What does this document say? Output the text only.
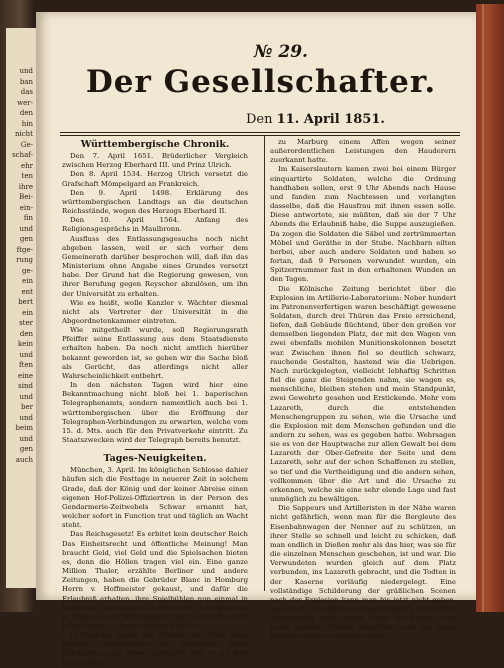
und
ban
das
wer-
den
hin
nicht
Ge-
schaf-
ehr
ten
ihre
Bei-
ein-
fin
und
gen
ftge-
rung
ge-
ein
ent
bert
ein
ster
den
kein
und
ften
eine
sind
und
ber
und
beim
und
gen
auch
№ 29.
Der Gesellschafter.
Den 11. April 1851.

Württembergische Chronik.

Den 7. April 1651. Brüderlicher Vergleich zwischen Herzog Eberhard III. und Prinz Ulrich.

Den 8. April 1534. Herzog Ulrich versetzt die Grafschaft Mömpelgard an Frankreich.

Den 9. April 1498. Erklärung des württembergischen Landtags an die deutschen Reichsstände, wegen des Herzogs Eberhard II.

Den 10. April 1564. Anfang des Religionsgesprächs in Maulbronn.

Ausfluss des Entlassungsgesuchs noch nicht abgeben lassen, weil er sich vorher dem Gemeinerath darüber besprochen will, daß ihn das Ministerium ohne Angabe eines Grundes versetzt habe. Der Grund hat die Regierung gewesen, von ihrer Berufung gegen Reyscher abzulösen, um ihn der Universität zu erhalten.

Wie es heißt, wolle Kanzler v. Wächter diesmal nicht als Vertreter der Universität in die Abgeordnetenkammer eintreten.

Wie mitgetheilt wurde, soll Regierungsrath Pfeiffer seine Entlassung aus dem Staatsdienste erhalten haben. Da noch nicht amtlich hierüber bekannt geworden ist, so geben wir die Sache bloß als Gerücht, das allerdings nicht aller Wahrscheinlichkeit entbehrt.

In den nächsten Tagen wird hier eine Bekanntmachung nicht bloß bei 1. baperischen Telegraphenamts, sondern namentlich auch bei 1. württembergischen über die Eröffnung der Telegraphen-Verbindungen zu erwarten, welche vom 15. d. Mts. auch für den Privatverkehr eintritt. Zu Staatszwecken wird der Telegraph bereits benutzt.

Tages-Neuigkeiten.

München, 3. April. Im königlichen Schlosse dahier häufen sich die Festtage in neuerer Zeit in solchem Grade, daß der König und der keiner Abreise einen eigenen Hof-Polizei-Offiziertren in der Person des Gendarmerie-Zeitwebels Schwar ernannt hat, welcher sofort in Function trat und täglich an Wacht steht.

Das Reichsgesetz! Es erbitet kein deutscher Reich Das Einheitsrecht und öffentliche Meinung! Man braucht Geld, viel Geld und die Spielsachen bieten es, denn die Höllen tragen viel ein. Eine ganze Million Thaler, erzählte Berliner und andere Zeitungen, haben die Gebrüder Blanc in Homburg Herrn v. Hoffmeister gekaust, und dafür die Erlaubniß erhalten, ihre Spielbühlen nun einmal in Kurhessen aufzubauen, im Nenndorf, in Hofgeismar, in Nauheim und Wilhelmsbad. Der Pacht soll auf 30 Jahre lauten, — wenn wirklich wahr ist.

In Marburg wurde ein Student, der Sohn eines höheren Staatsdieners in Kurhessen durch Gendarmen nach Kassel gebracht, weil er auf dem Jahrmarkte

zu Marburg einem Affen wegen seiner außerordentlichen Leistungen den Hauderern zuerkannt hatte.

Im Kaiserslautern kamen zwei bei einem Bürger einquartirte Soldaten, welche die Ordnung handhaben sollen, erst 9 Uhr Abends nach Hause und fanden zum Nachtessen und verlangten dasselbe, daß die Hausfrau mit ihnen essen solle. Diese antwortete, sie müßten, daß sie der 7 Uhr Abends die Erlaubniß habe, die Suppe auszugießen. Da zogen die Soldaten die Säbel und zertrümmerten Möbel und Geräthe in der Stube. Nachbarn eilten herbei, aber auch andere Soldaten und haben so fortan, daß 9 Personen verwundet wurden, ein Spitzerrnummer fast in den erhaltenen Wunden an den Tagen.

Die Kölnische Zeitung berichtet über die Explosion im Artillerie-Laboratorium: Neber hundert im Patronenverfertigen waren beschäftigt gewesene Soldaten, durch drei Thüren das Freie erreichend, liefen, daß Gebäude flüchtend, über den großen vor demselben liegenden Platz, der mit den Wagen von zwei ebenfalls mobilen Munitionskolonnen besetzt war. Zwischen ihnen fiel so deutlich schwarz, rauchende Gestalten, hastend wie die Uebrigen. Nach zurückgelegten, vielleicht lebhaftig Schritten fiel die ganz die Steigenden nahm, sie wagen es, menschliche, bleiben stehen und mein Standpunkt, zwei Gewehrte gesehen und Erstickende. Mehr vom Lazareth, durch die entstehenden Menschengruppen zu sehen, wie die Ursache und die Explosion mit dem Menschen gefunden und die andern zu sehen, was es gegeben hatte. Wehrsagen sie es von der Hauptwache zur allen Gewalt bei dem Lazareth der Ober-Gefreite der Seite und dem Lazareth, sehr auf der schon Schaffenen zu stellen, so tief und die Vertheidigung und die andern sehen, vollkommen über die Art und die Ursache zu erkennen, welche sie eine sehr elende Lage und fast unmöglich zu bewältigen.

Die Sappeurs und Artilleristen in der Nähe waren nicht gefährlich, wenn man für die Bergleute des Eisenbahnwagen der Nenner auf zu schützen, an ihrer Stelle so schnell und leicht zu schicken, daß man endlich in Dießen mehr als das hier, was sie für die einzelnen Menschen geschehen, ist und war. Die Verwundeten wurden gleich auf dem Platz verbunden, ins Lazareth gebracht, und die Todten in der Kaserne vorläufig niedergelegt. Eine vollständige Schilderung der gräßlichen Scenen nach der Explosion kann man bis jetzt nicht geben, man weiß nur, daß viele unbeschreiblich schrecklich verstümmelt sind, indem ihnen die Kleider vom Leibe gerissen, Glieder abgetrennt und das ganze Gesicht schwarz verbrannt wurde.
